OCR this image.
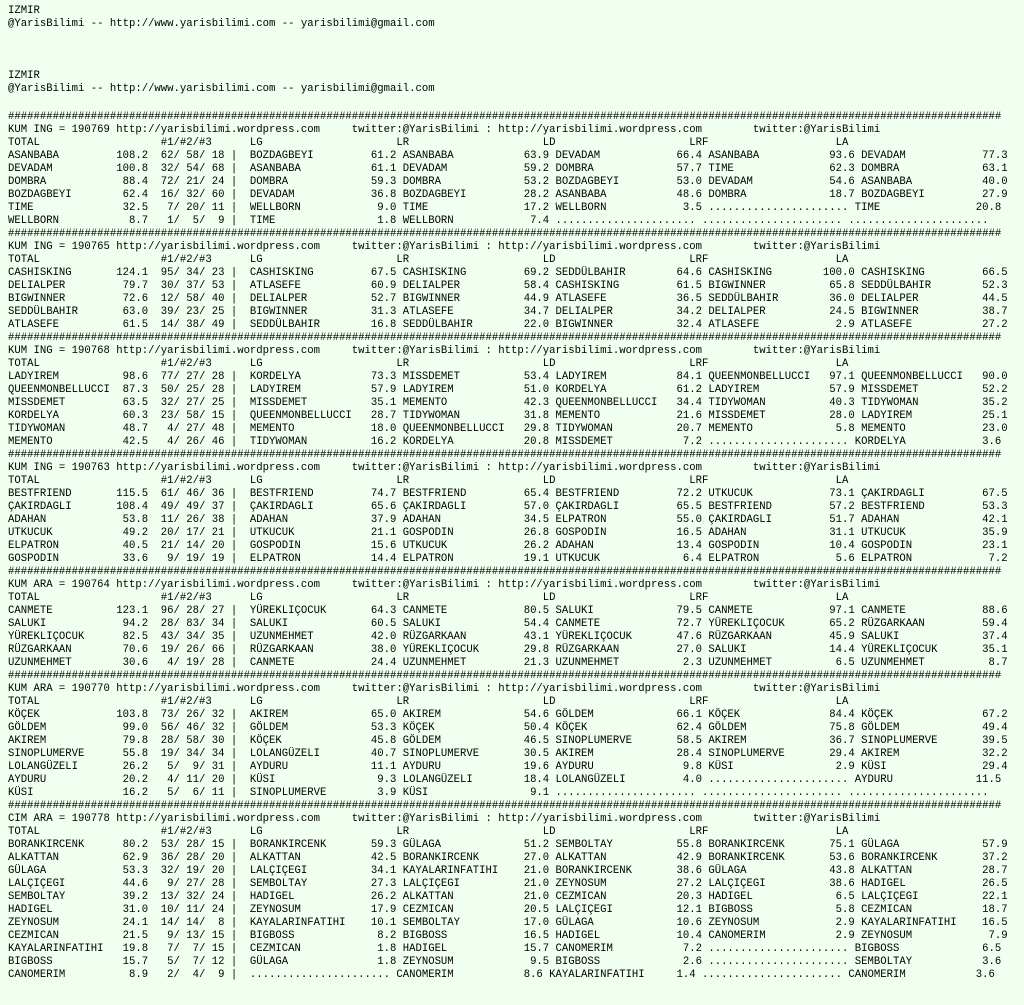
IZMIR
@YarisBilimi -- http://www.yarisbilimi.com -- yarisbilimi@gmail.com
IZMIR
@YarisBilimi -- http://www.yarisbilimi.com -- yarisbilimi@gmail.com
############################################################################################################################################################
KUM ING = 190769 http://yarisbilimi.wordpress.com     twitter:@YarisBilimi : http://yarisbilimi.wordpress.com        twitter:@YarisBilimi
TOTAL                   #1/#2/#3      LG                     LR                     LD                     LRF                    LA
ASANBABA         108.2  62/ 58/ 18 |  BOZDAGBEYI         61.2 ASANBABA           63.9 DEVADAM            66.4 ASANBABA           93.6 DEVADAM            77.3
DEVADAM          100.8  32/ 54/ 68 |  ASANBABA           61.1 DEVADAM            59.2 DOMBRA             57.7 TIME               62.3 DOMBRA             63.1
DOMBRA            88.4  72/ 21/ 24 |  DOMBRA             59.3 DOMBRA             53.2 BOZDAGBEYI         53.0 DEVADAM            54.6 ASANBABA           40.0
BOZDAGBEYI        62.4  16/ 32/ 60 |  DEVADAM            36.8 BOZDAGBEYI         28.2 ASANBABA           48.6 DOMBRA             18.7 BOZDAGBEYI         27.9
TIME              32.5   7/ 20/ 11 |  WELLBORN            9.0 TIME               17.2 WELLBORN            3.5 ...................... TIME               20.8
WELLBORN           8.7   1/  5/  9 |  TIME                1.8 WELLBORN            7.4 ...................... ...................... ......................
############################################################################################################################################################
KUM ING = 190765 http://yarisbilimi.wordpress.com     twitter:@YarisBilimi : http://yarisbilimi.wordpress.com        twitter:@YarisBilimi
TOTAL                   #1/#2/#3      LG                     LR                     LD                     LRF                    LA
CASHISKING       124.1  95/ 34/ 23 |  CASHISKING         67.5 CASHISKING         69.2 SEDDÜLBAHIR        64.6 CASHISKING        100.0 CASHISKING         66.5
DELIALPER         79.7  30/ 37/ 53 |  ATLASEFE           60.9 DELIALPER          58.4 CASHISKING         61.5 BIGWINNER          65.8 SEDDÜLBAHIR        52.3
BIGWINNER         72.6  12/ 58/ 40 |  DELIALPER          52.7 BIGWINNER          44.9 ATLASEFE           36.5 SEDDÜLBAHIR        36.0 DELIALPER          44.5
SEDDÜLBAHIR       63.0  39/ 23/ 25 |  BIGWINNER          31.3 ATLASEFE           34.7 DELIALPER          34.2 DELIALPER          24.5 BIGWINNER          38.7
ATLASEFE          61.5  14/ 38/ 49 |  SEDDÜLBAHIR        16.8 SEDDÜLBAHIR        22.0 BIGWINNER          32.4 ATLASEFE            2.9 ATLASEFE           27.2
############################################################################################################################################################
KUM ING = 190768 http://yarisbilimi.wordpress.com     twitter:@YarisBilimi : http://yarisbilimi.wordpress.com        twitter:@YarisBilimi
TOTAL                   #1/#2/#3      LG                     LR                     LD                     LRF                    LA
LADYIREM          98.6  77/ 27/ 28 |  KORDELYA           73.3 MISSDEMET          53.4 LADYIREM           84.1 QUEENMONBELLUCCI   97.1 QUEENMONBELLUCCI   90.0
QUEENMONBELLUCCI  87.3  50/ 25/ 28 |  LADYIREM           57.9 LADYIREM           51.0 KORDELYA           61.2 LADYIREM           57.9 MISSDEMET          52.2
MISSDEMET         63.5  32/ 27/ 25 |  MISSDEMET          35.1 MEMENTO            42.3 QUEENMONBELLUCCI   34.4 TIDYWOMAN          40.3 TIDYWOMAN          35.2
KORDELYA          60.3  23/ 58/ 15 |  QUEENMONBELLUCCI   28.7 TIDYWOMAN          31.8 MEMENTO            21.6 MISSDEMET          28.0 LADYIREM           25.1
TIDYWOMAN         48.7   4/ 27/ 48 |  MEMENTO            18.0 QUEENMONBELLUCCI   29.8 TIDYWOMAN          20.7 MEMENTO             5.8 MEMENTO            23.0
MEMENTO           42.5   4/ 26/ 46 |  TIDYWOMAN          16.2 KORDELYA           20.8 MISSDEMET           7.2 ...................... KORDELYA            3.6
############################################################################################################################################################
KUM ING = 190763 http://yarisbilimi.wordpress.com     twitter:@YarisBilimi : http://yarisbilimi.wordpress.com        twitter:@YarisBilimi
TOTAL                   #1/#2/#3      LG                     LR                     LD                     LRF                    LA
BESTFRIEND       115.5  61/ 46/ 36 |  BESTFRIEND         74.7 BESTFRIEND         65.4 BESTFRIEND         72.2 UTKUCUK            73.1 ÇAKIRDAGLI         67.5
ÇAKIRDAGLI       108.4  49/ 49/ 37 |  ÇAKIRDAGLI         65.6 ÇAKIRDAGLI         57.0 ÇAKIRDAGLI         65.5 BESTFRIEND         57.2 BESTFRIEND         53.3
ADAHAN            53.8  11/ 26/ 38 |  ADAHAN             37.9 ADAHAN             34.5 ELPATRON           55.0 ÇAKIRDAGLI         51.7 ADAHAN             42.1
UTKUCUK           49.2  20/ 17/ 21 |  UTKUCUK            21.1 GOSPODIN           26.8 GOSPODIN           16.5 ADAHAN             31.1 UTKUCUK            35.9
ELPATRON          40.5  21/ 14/ 20 |  GOSPODIN           15.6 UTKUCUK            26.2 ADAHAN             13.4 GOSPODIN           10.4 GOSPODIN           23.1
GOSPODIN          33.6   9/ 19/ 19 |  ELPATRON           14.4 ELPATRON           19.1 UTKUCUK             6.4 ELPATRON            5.6 ELPATRON            7.2
############################################################################################################################################################
KUM ARA = 190764 http://yarisbilimi.wordpress.com     twitter:@YarisBilimi : http://yarisbilimi.wordpress.com        twitter:@YarisBilimi
TOTAL                   #1/#2/#3      LG                     LR                     LD                     LRF                    LA
CANMETE          123.1  96/ 28/ 27 |  YÜREKLIÇOCUK       64.3 CANMETE            80.5 SALUKI             79.5 CANMETE            97.1 CANMETE            88.6
SALUKI            94.2  28/ 83/ 34 |  SALUKI             60.5 SALUKI             54.4 CANMETE            72.7 YÜREKLIÇOCUK       65.2 RÜZGARKAAN         59.4
YÜREKLIÇOCUK      82.5  43/ 34/ 35 |  UZUNMEHMET         42.0 RÜZGARKAAN         43.1 YÜREKLIÇOCUK       47.6 RÜZGARKAAN         45.9 SALUKI             37.4
RÜZGARKAAN        70.6  19/ 26/ 66 |  RÜZGARKAAN         38.0 YÜREKLIÇOCUK       29.8 RÜZGARKAAN         27.0 SALUKI             14.4 YÜREKLIÇOCUK       35.1
UZUNMEHMET        30.6   4/ 19/ 28 |  CANMETE            24.4 UZUNMEHMET         21.3 UZUNMEHMET          2.3 UZUNMEHMET          6.5 UZUNMEHMET          8.7
############################################################################################################################################################
KUM ARA = 190770 http://yarisbilimi.wordpress.com     twitter:@YarisBilimi : http://yarisbilimi.wordpress.com        twitter:@YarisBilimi
TOTAL                   #1/#2/#3      LG                     LR                     LD                     LRF                    LA
KÖÇEK            103.8  73/ 26/ 32 |  AKIREM             65.0 AKIREM             54.6 GÖLDEM             66.1 KÖÇEK              84.4 KÖÇEK              67.2
GÖLDEM            99.0  56/ 46/ 32 |  GÖLDEM             53.3 KÖÇEK              50.4 KÖÇEK              62.4 GÖLDEM             75.8 GÖLDEM             49.4
AKIREM            79.8  28/ 58/ 30 |  KÖÇEK              45.8 GÖLDEM             46.5 SINOPLUMERVE       58.5 AKIREM             36.7 SINOPLUMERVE       39.5
SINOPLUMERVE      55.8  19/ 34/ 34 |  LOLANGÜZELI        40.7 SINOPLUMERVE       30.5 AKIREM             28.4 SINOPLUMERVE       29.4 AKIREM             32.2
LOLANGÜZELI       26.2   5/  9/ 31 |  AYDURU             11.1 AYDURU             19.6 AYDURU              9.8 KÜSI                2.9 KÜSI               29.4
AYDURU            20.2   4/ 11/ 20 |  KÜSI                9.3 LOLANGÜZELI        18.4 LOLANGÜZELI         4.0 ...................... AYDURU             11.5
KÜSI              16.2   5/  6/ 11 |  SINOPLUMERVE        3.9 KÜSI                9.1 ...................... ...................... ......................
############################################################################################################################################################
CIM ARA = 190778 http://yarisbilimi.wordpress.com     twitter:@YarisBilimi : http://yarisbilimi.wordpress.com        twitter:@YarisBilimi
TOTAL                   #1/#2/#3      LG                     LR                     LD                     LRF                    LA
BORANKIRCENK      80.2  53/ 28/ 15 |  BORANKIRCENK       59.3 GÜLAGA             51.2 SEMBOLTAY          55.8 BORANKIRCENK       75.1 GÜLAGA             57.9
ALKATTAN          62.9  36/ 28/ 20 |  ALKATTAN           42.5 BORANKIRCENK       27.0 ALKATTAN           42.9 BORANKIRCENK       53.6 BORANKIRCENK       37.2
GÜLAGA            53.3  32/ 19/ 20 |  LALÇIÇEGI          34.1 KAYALARINFATIHI    21.0 BORANKIRCENK       38.6 GÜLAGA             43.8 ALKATTAN           28.7
LALÇIÇEGI         44.6   9/ 27/ 28 |  SEMBOLTAY          27.3 LALÇIÇEGI          21.0 ZEYNOSUM           27.2 LALÇIÇEGI          38.6 HADIGEL            26.5
SEMBOLTAY         39.2  13/ 32/ 24 |  HADIGEL            26.2 ALKATTAN           21.0 CEZMICAN           20.3 HADIGEL             6.5 LALÇIÇEGI          22.1
HADIGEL           31.0  10/ 11/ 24 |  ZEYNOSUM           17.9 CEZMICAN           20.5 LALÇIÇEGI          12.1 BIGBOSS             5.8 CEZMICAN           18.7
ZEYNOSUM          24.1  14/ 14/  8 |  KAYALARINFATIHI    10.1 SEMBOLTAY          17.0 GÜLAGA             10.6 ZEYNOSUM            2.9 KAYALARINFATIHI    16.5
CEZMICAN          21.5   9/ 13/ 15 |  BIGBOSS             8.2 BIGBOSS            16.5 HADIGEL            10.4 CANOMERIM           2.9 ZEYNOSUM            7.9
KAYALARINFATIHI   19.8   7/  7/ 15 |  CEZMICAN            1.8 HADIGEL            15.7 CANOMERIM           7.2 ...................... BIGBOSS             6.5
BIGBOSS           15.7   5/  7/ 12 |  GÜLAGA              1.8 ZEYNOSUM            9.5 BIGBOSS             2.6 ...................... SEMBOLTAY           3.6
CANOMERIM          8.9   2/  4/  9 |  ...................... CANOMERIM           8.6 KAYALARINFATIHI     1.4 ...................... CANOMERIM           3.6
